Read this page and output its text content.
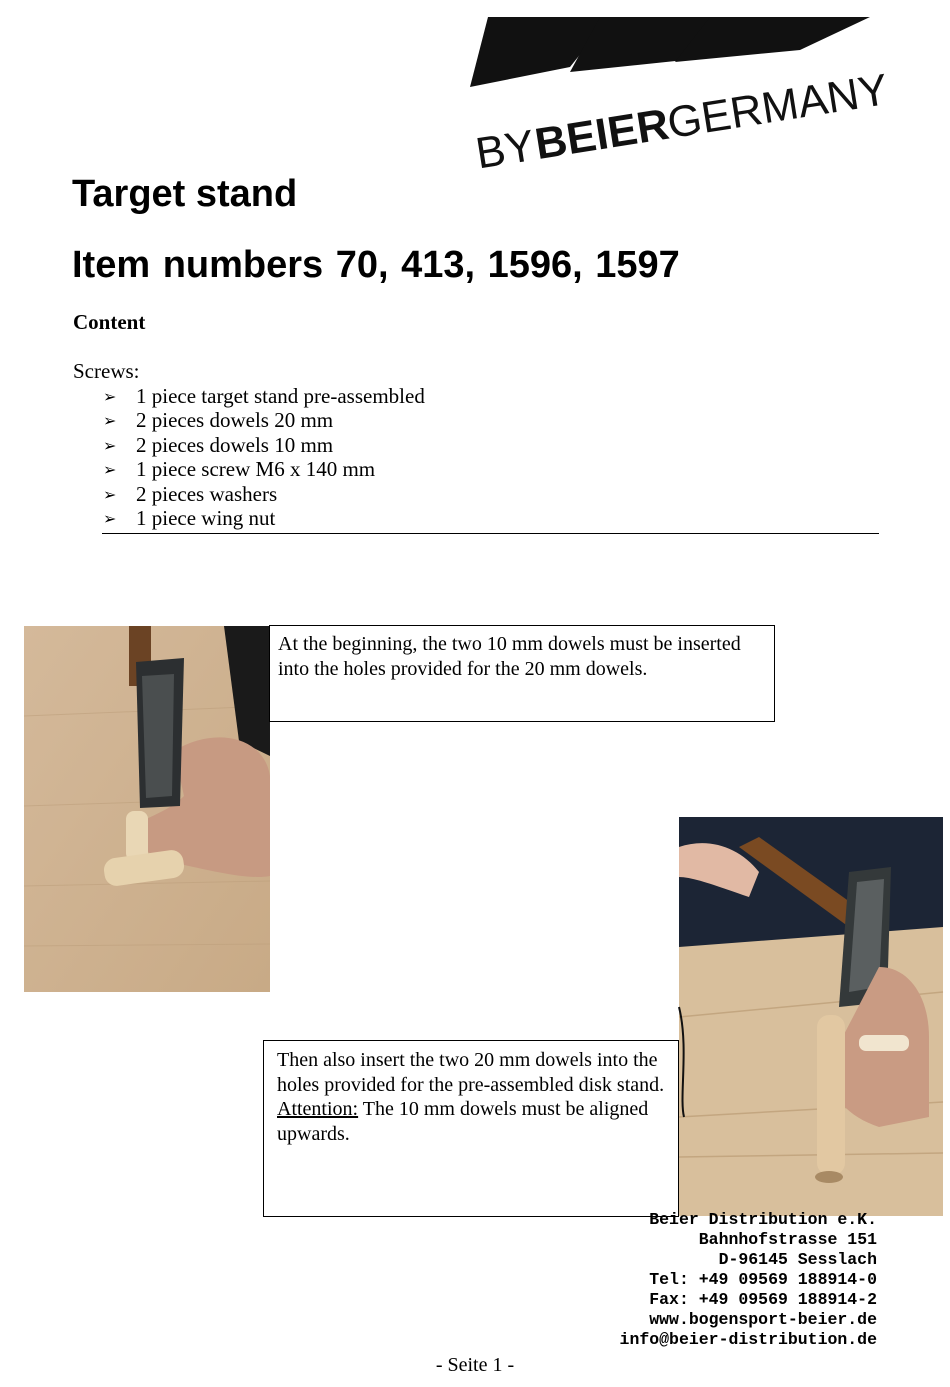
BY
BEIER
GERMANY
Target stand
Item numbers 70, 413, 1596, 1597
Content
Screws:
➢ 1 piece target stand pre-assembled
➢ 2 pieces dowels 20 mm
➢ 2 pieces dowels 10 mm
➢ 1 piece screw M6 x 140 mm
➢ 2 pieces washers
➢ 1 piece wing nut
At the beginning, the two 10 mm dowels must be inserted into the holes provided for the 20 mm dowels.
Then also insert the two 20 mm dowels into the holes provided for the pre-assembled disk stand.
Attention: The 10 mm dowels must be aligned upwards.
Beier Distribution e.K.
Bahnhofstrasse 151
D-96145 Sesslach
Tel: +49 09569 188914-0
Fax: +49 09569 188914-2
www.bogensport-beier.de
info@beier-distribution.de
- Seite 1 -
